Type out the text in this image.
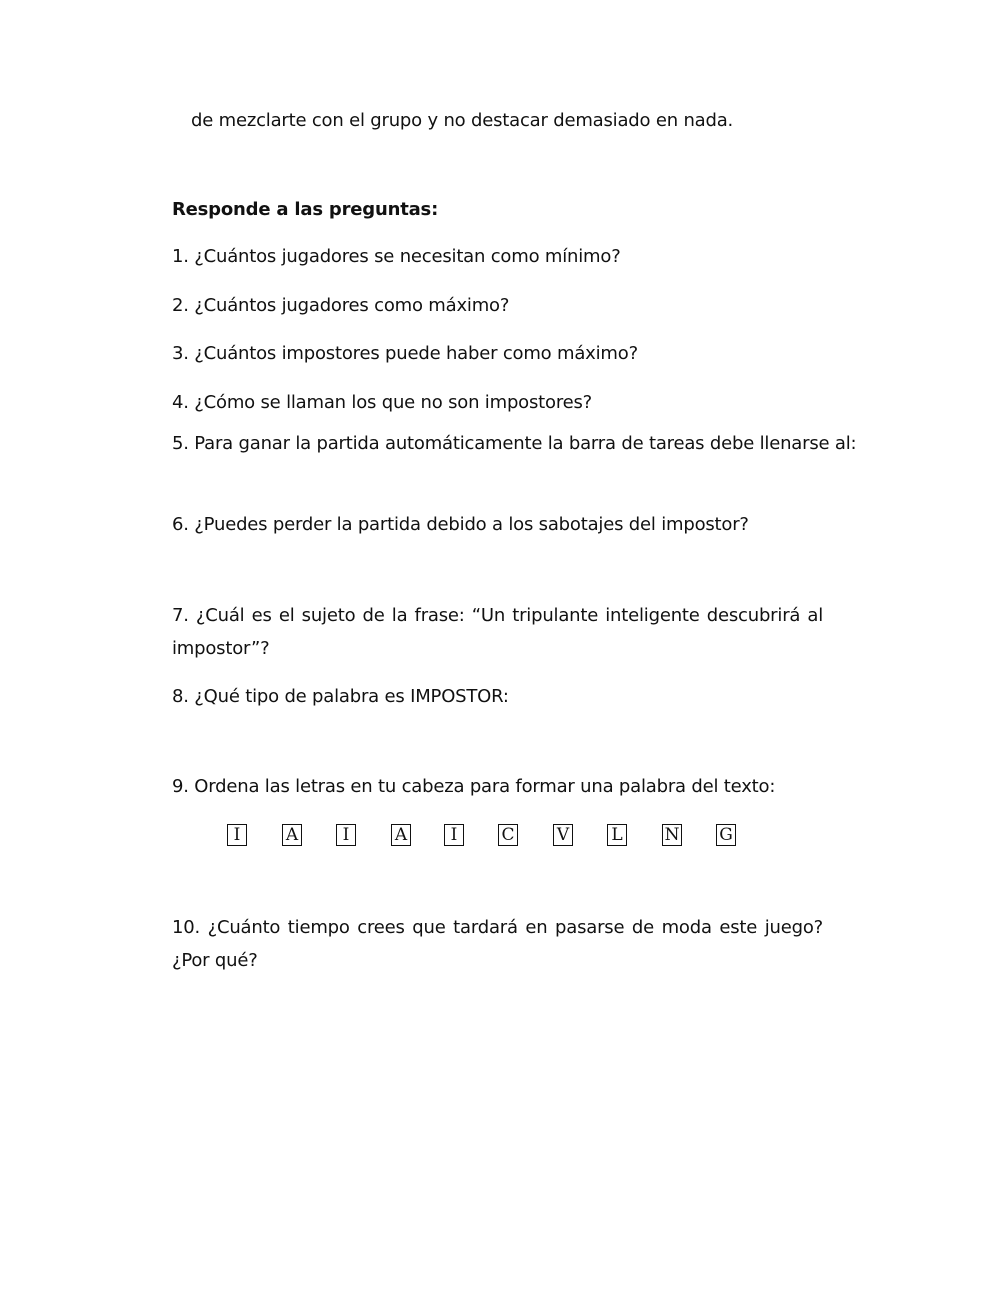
de mezclarte con el grupo y no destacar demasiado en nada.
Responde a las preguntas:
1. ¿Cuántos jugadores se necesitan como mínimo?
2. ¿Cuántos jugadores como máximo?
3. ¿Cuántos impostores puede haber como máximo?
4. ¿Cómo se llaman los que no son impostores?
5. Para ganar la partida automáticamente la barra de tareas debe llenarse al:
6. ¿Puedes perder la partida debido a los sabotajes del impostor?
7. ¿Cuál es el sujeto de la frase: “Un tripulante inteligente descubrirá al impostor”?
8. ¿Qué tipo de palabra es IMPOSTOR:
9. Ordena las letras en tu cabeza para formar una palabra del texto:
I	A	I	A	I	C V L N G
10. ¿Cuánto tiempo crees que tardará en pasarse de moda este juego? ¿Por qué?
